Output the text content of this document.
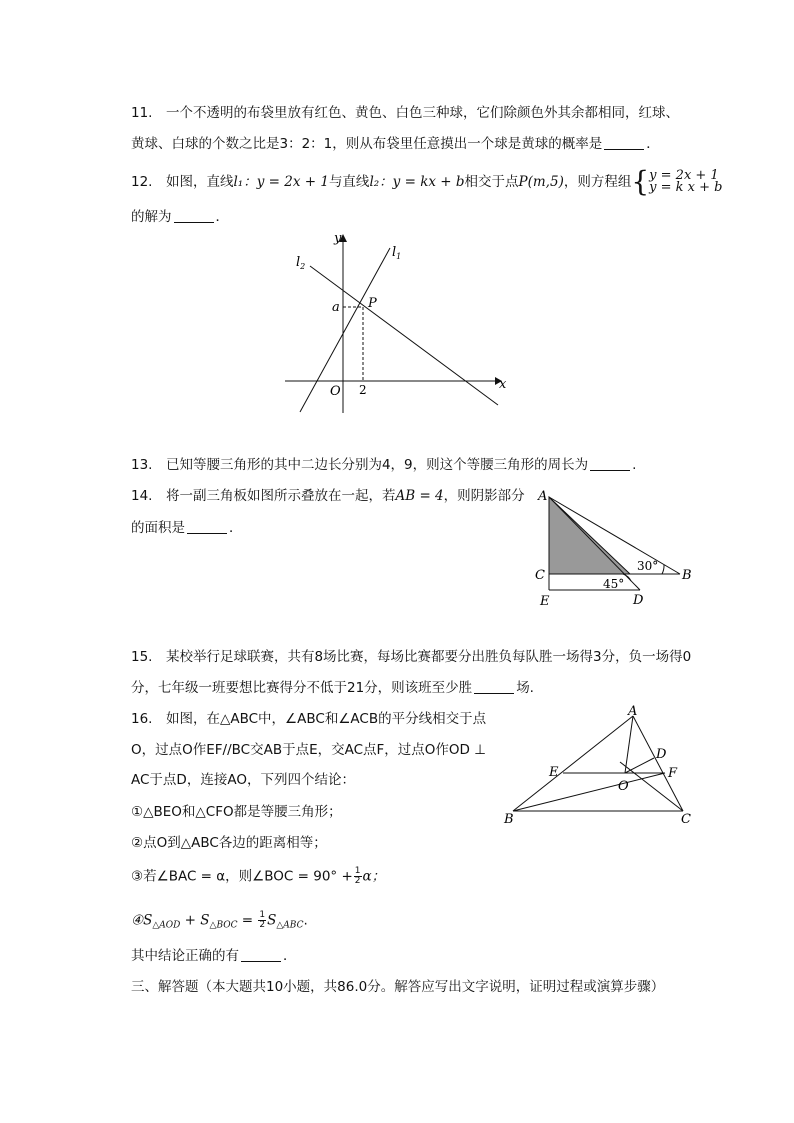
11.　一个不透明的布袋里放有红色、黄色、白色三种球，它们除颜色外其余都相同，红球、
黄球、白球的个数之比是3：2：1，则从布袋里任意摸出一个球是黄球的概率是	．
12.　如图，直线l₁：y = 2x + 1与直线l₂：y = kx + b相交于点P(m,5)，则方程组{ y = 2x + 1
y = k x + b
的解为	．
$l_1$
$l_2$
y
x
a P
O 2
13.　已知等腰三角形的其中二边长分别为4，9，则这个等腰三角形的周长为	.
14.　将一副三角板如图所示叠放在一起，若AB = 4，则阴影部分
的面积是	．
A
B
C
D
E
30°
45°
15.　某校举行足球联赛，共有8场比赛，每场比赛都要分出胜负每队胜一场得3分，负一场得0
分，七年级一班要想比赛得分不低于21分，则该班至少胜	场.
16.　如图，在△ABC中，∠ABC和∠ACB的平分线相交于点
O，过点O作EF//BC交AB于点E，交AC点F，过点O作OD ⊥
AC于点D，连接AO，下列四个结论：
①△BEO和△CFO都是等腰三角形；
②点O到△ABC各边的距离相等；
③若∠BAC = α，则∠BOC = $90^\circ + \frac{1}{2}$ α；
$④S_{\triangle AOD} + S_{\triangle BOC} = \frac{1}{2} S_{\triangle ABC}$.
其中结论正确的有	．
A
B	C
D
E	F
O
三、解答题（本大题共10小题，共86.0分。解答应写出文字说明，证明过程或演算步骤）
